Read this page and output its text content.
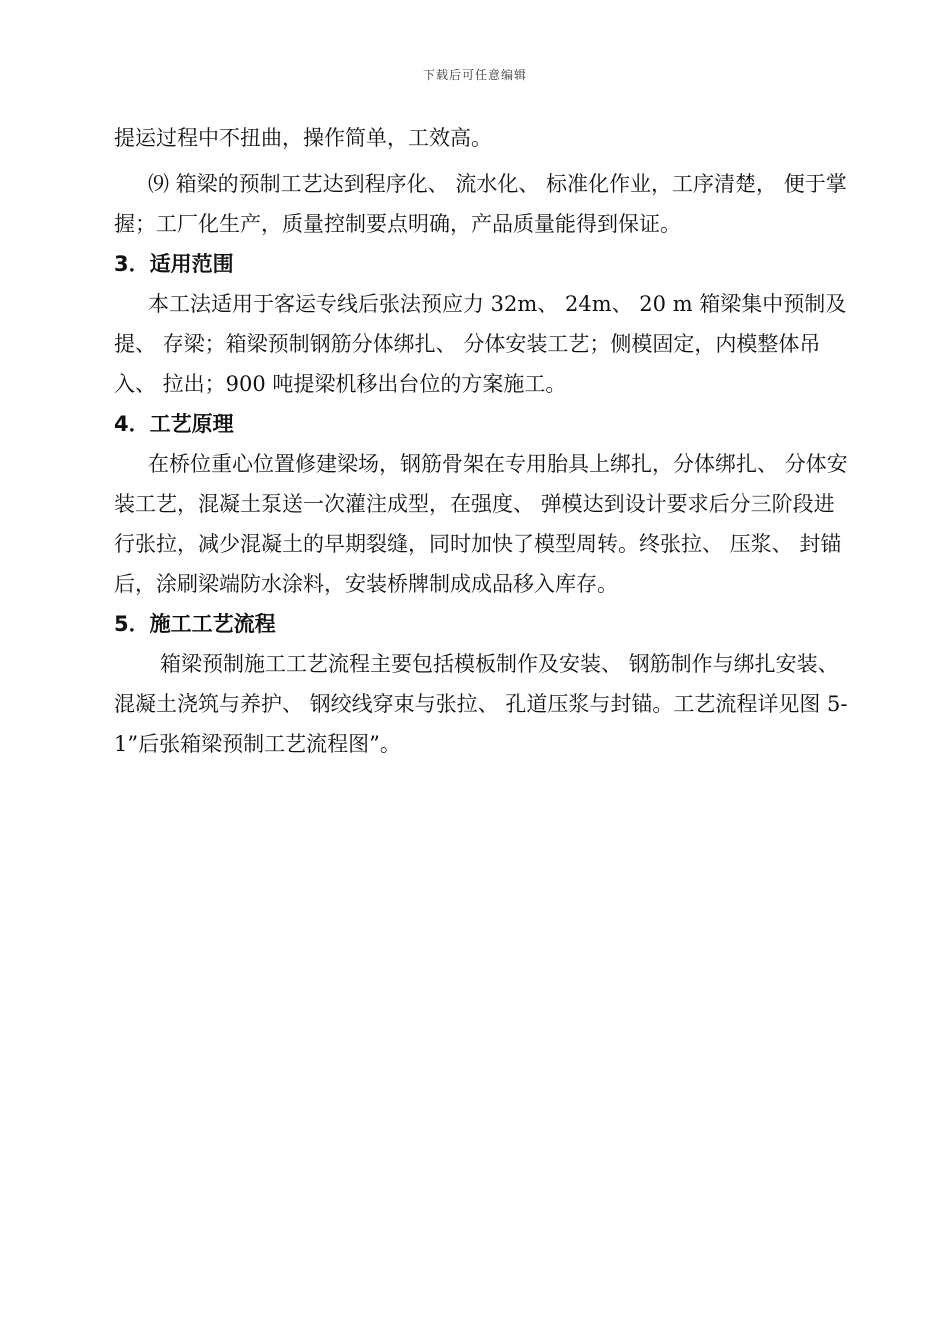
下载后可任意编辑

提运过程中不扭曲，操作简单，工效高。

⑼ 箱梁的预制工艺达到程序化、 流水化、 标准化作业，工序清楚， 便于掌握；工厂化生产，质量控制要点明确，产品质量能得到保证。

3．适用范围

本工法适用于客运专线后张法预应力 32m、 24m、 20 m 箱梁集中预制及提、 存梁；箱梁预制钢筋分体绑扎、 分体安装工艺；侧模固定，内模整体吊入、 拉出；900 吨提梁机移出台位的方案施工。

4．工艺原理

在桥位重心位置修建梁场，钢筋骨架在专用胎具上绑扎，分体绑扎、 分体安装工艺，混凝土泵送一次灌注成型，在强度、 弹模达到设计要求后分三阶段进行张拉，减少混凝土的早期裂缝，同时加快了模型周转。终张拉、 压浆、 封锚后，涂刷梁端防水涂料，安装桥牌制成成品移入库存。

5．施工工艺流程

箱梁预制施工工艺流程主要包括模板制作及安装、 钢筋制作与绑扎安装、 混凝土浇筑与养护、 钢绞线穿束与张拉、 孔道压浆与封锚。工艺流程详见图 5-1”后张箱梁预制工艺流程图”。
